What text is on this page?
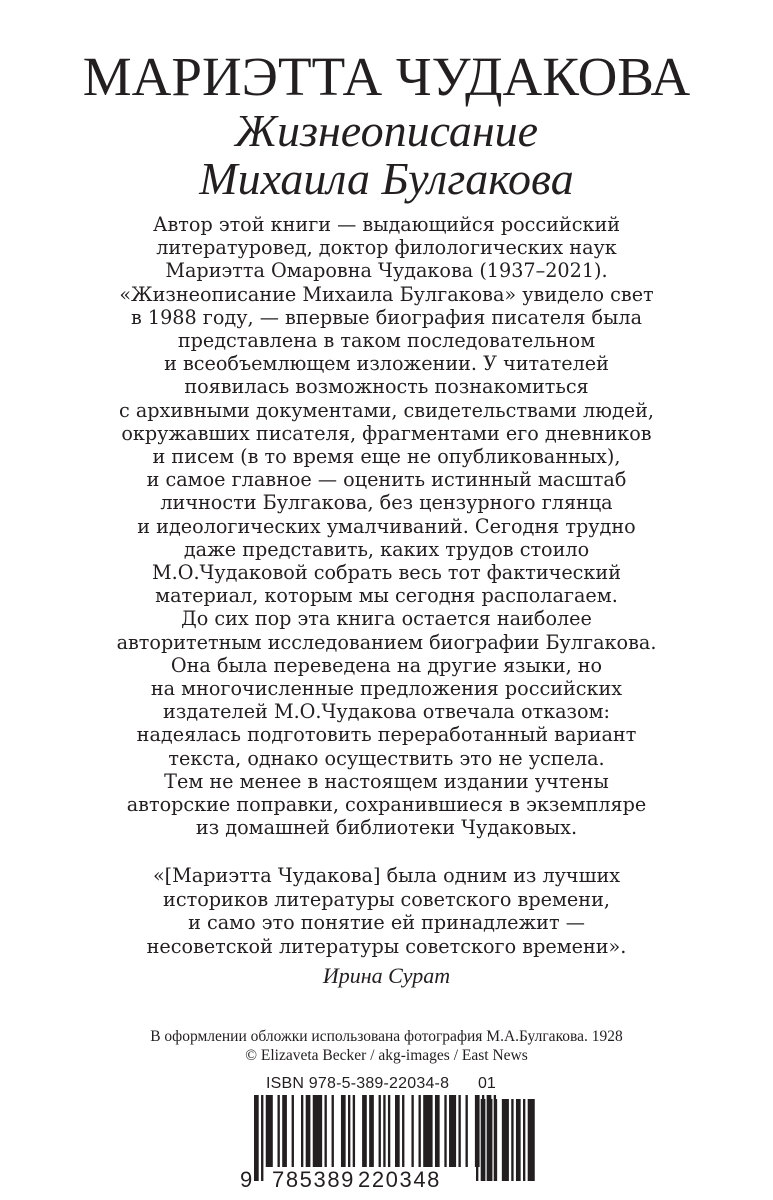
МАРИЭТТА ЧУДАКОВА
Жизнеописание
Михаила Булгакова
Автор этой книги — выдающийся российский
литературовед, доктор филологических наук
Мариэтта Омаровна Чудакова (1937–2021).
«Жизнеописание Михаила Булгакова» увидело свет
в 1988 году, — впервые биография писателя была
представлена в таком последовательном
и всеобъемлющем изложении. У читателей
появилась возможность познакомиться
с архивными документами, свидетельствами людей,
окружавших писателя, фрагментами его дневников
и писем (в то время еще не опубликованных),
и самое главное — оценить истинный масштаб
личности Булгакова, без цензурного глянца
и идеологических умалчиваний. Сегодня трудно
даже представить, каких трудов стоило
М.О.Чудаковой собрать весь тот фактический
материал, которым мы сегодня располагаем.
До сих пор эта книга остается наиболее
авторитетным исследованием биографии Булгакова.
Она была переведена на другие языки, но
на многочисленные предложения российских
издателей М.О.Чудакова отвечала отказом:
надеялась подготовить переработанный вариант
текста, однако осуществить это не успела.
Тем не менее в настоящем издании учтены
авторские поправки, сохранившиеся в экземпляре
из домашней библиотеки Чудаковых.
«[Мариэтта Чудакова] была одним из лучших
историков литературы советского времени,
и само это понятие ей принадлежит —
несоветской литературы советского времени».
Ирина Сурат
В оформлении обложки использована фотография М.А.Булгакова. 1928
© Elizaveta Becker / akg-images / East News
ISBN 978-5-389-22034-8 01
9 785389 220348
